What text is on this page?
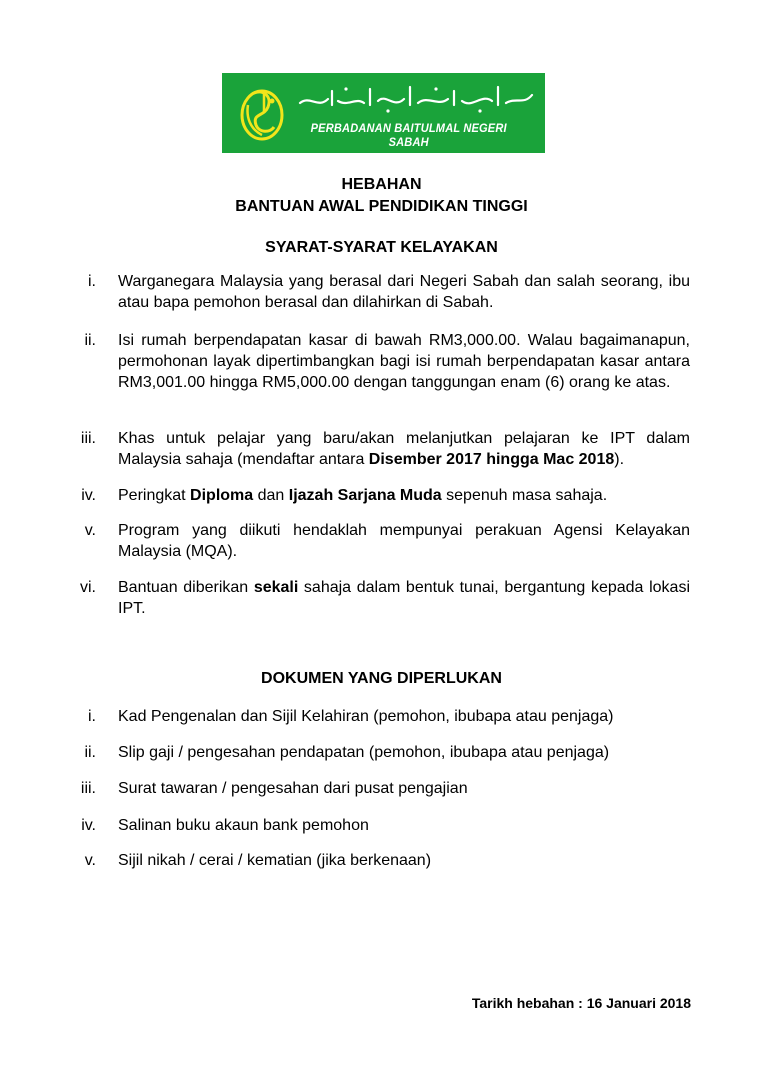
PERBADANAN BAITULMAL NEGERI SABAH
HEBAHAN
BANTUAN AWAL PENDIDIKAN TINGGI
SYARAT-SYARAT KELAYAKAN
i. Warganegara Malaysia yang berasal dari Negeri Sabah dan salah seorang, ibu atau bapa pemohon berasal dan dilahirkan di Sabah.
ii. Isi rumah berpendapatan kasar di bawah RM3,000.00. Walau bagaimanapun, permohonan layak dipertimbangkan bagi isi rumah berpendapatan kasar antara RM3,001.00 hingga RM5,000.00 dengan tanggungan enam (6) orang ke atas.
iii. Khas untuk pelajar yang baru/akan melanjutkan pelajaran ke IPT dalam Malaysia sahaja (mendaftar antara Disember 2017 hingga Mac 2018).
iv. Peringkat Diploma dan Ijazah Sarjana Muda sepenuh masa sahaja.
v. Program yang diikuti hendaklah mempunyai perakuan Agensi Kelayakan Malaysia (MQA).
vi. Bantuan diberikan sekali sahaja dalam bentuk tunai, bergantung kepada lokasi IPT.
DOKUMEN YANG DIPERLUKAN
i. Kad Pengenalan dan Sijil Kelahiran (pemohon, ibubapa atau penjaga)
ii. Slip gaji / pengesahan pendapatan (pemohon, ibubapa atau penjaga)
iii. Surat tawaran / pengesahan dari pusat pengajian
iv. Salinan buku akaun bank pemohon
v. Sijil nikah / cerai / kematian (jika berkenaan)
Tarikh hebahan : 16 Januari 2018
